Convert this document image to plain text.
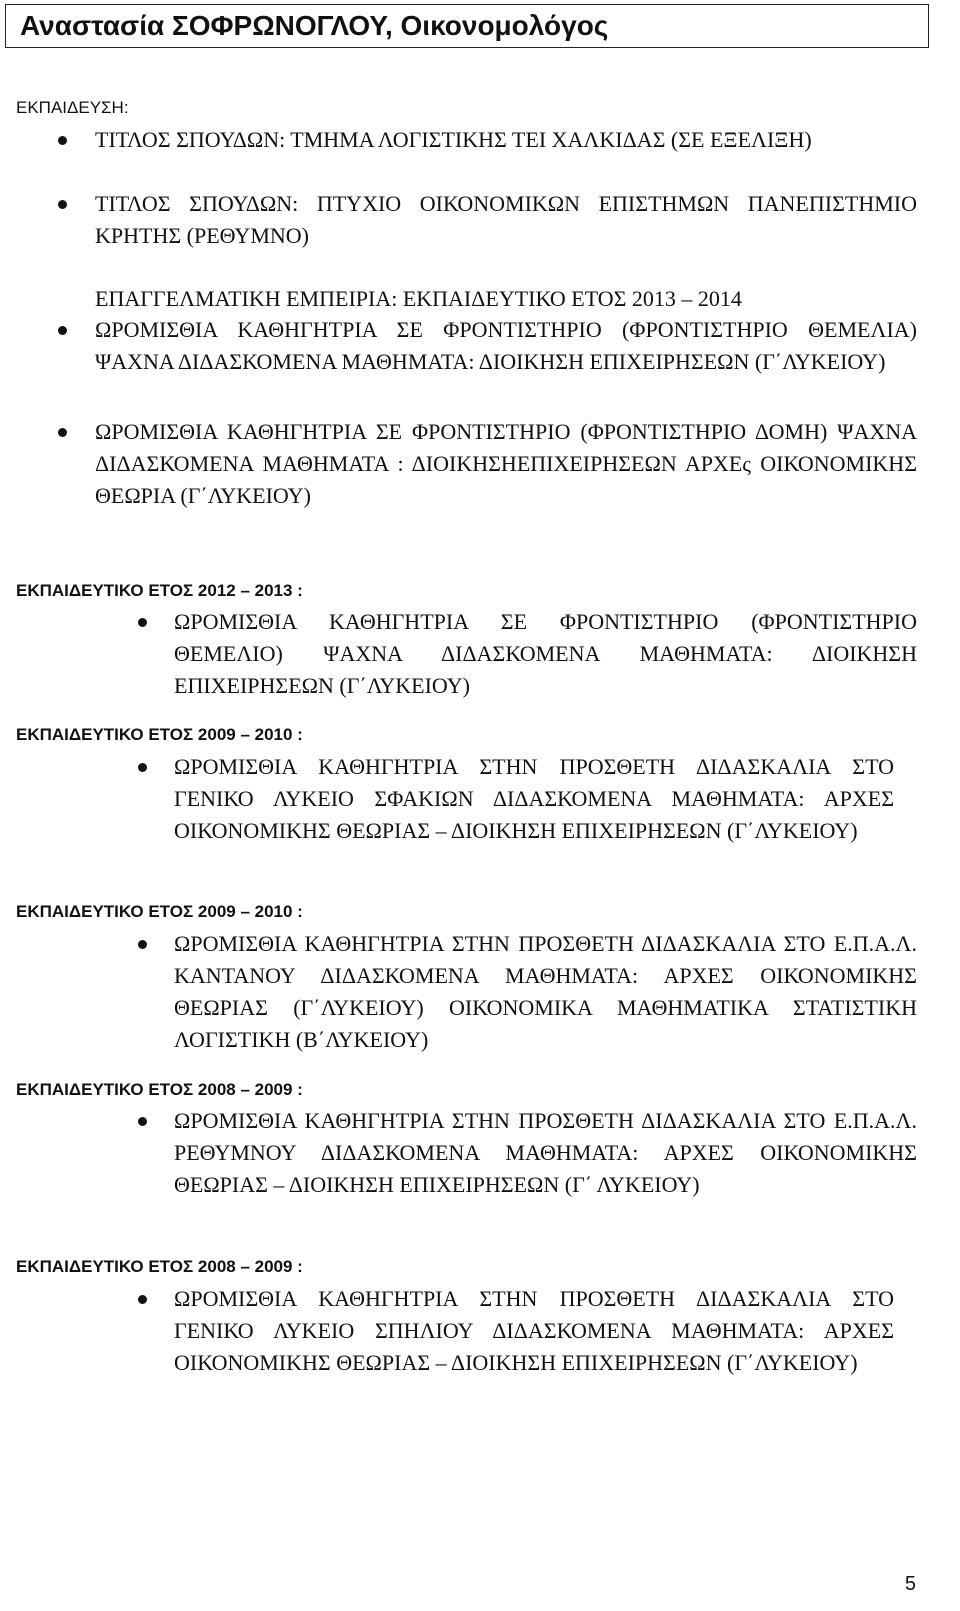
Αναστασία ΣΟΦΡΩΝΟΓΛΟΥ, Οικονομολόγος
ΕΚΠΑΙΔΕΥΣΗ:

ΤΙΤΛΟΣ ΣΠΟΥΔΩΝ: ΤΜΗΜΑ ΛΟΓΙΣΤΙΚΗΣ ΤΕΙ ΧΑΛΚΙΔΑΣ (ΣΕ ΕΞΕΛΙΞΗ)

ΤΙΤΛΟΣ ΣΠΟΥΔΩΝ: ΠΤΥΧΙΟ ΟΙΚΟΝΟΜΙΚΩΝ ΕΠΙΣΤΗΜΩΝ ΠΑΝΕΠΙΣΤΗΜΙΟ ΚΡΗΤΗΣ (ΡΕΘΥΜΝΟ)

ΕΠΑΓΓΕΛΜΑΤΙΚΗ ΕΜΠΕΙΡΙΑ: ΕΚΠΑΙΔΕΥΤΙΚΟ ΕΤΟΣ 2013 – 2014

ΩΡΟΜΙΣΘΙΑ ΚΑΘΗΓΗΤΡΙΑ ΣΕ ΦΡΟΝΤΙΣΤΗΡΙΟ (ΦΡΟΝΤΙΣΤΗΡΙΟ ΘΕΜΕΛΙΑ) ΨΑΧΝΑ ΔΙΔΑΣΚΟΜΕΝΑ ΜΑΘΗΜΑΤΑ: ΔΙΟΙΚΗΣΗ ΕΠΙΧΕΙΡΗΣΕΩΝ (Γ΄ΛΥΚΕΙΟΥ)

ΩΡΟΜΙΣΘΙΑ ΚΑΘΗΓΗΤΡΙΑ ΣΕ ΦΡΟΝΤΙΣΤΗΡΙΟ (ΦΡΟΝΤΙΣΤΗΡΙΟ ΔΟΜΗ) ΨΑΧΝΑ ΔΙΔΑΣΚΟΜΕΝΑ ΜΑΘΗΜΑΤΑ : ΔΙΟΙΚΗΣΗΕΠΙΧΕΙΡΗΣΕΩΝ ΑΡΧΕς ΟΙΚΟΝΟΜΙΚΗΣ ΘΕΩΡΙΑ (Γ΄ΛΥΚΕΙΟΥ)

ΕΚΠΑΙΔΕΥΤΙΚΟ ΕΤΟΣ 2012 – 2013 :

ΩΡΟΜΙΣΘΙΑ ΚΑΘΗΓΗΤΡΙΑ ΣΕ ΦΡΟΝΤΙΣΤΗΡΙΟ (ΦΡΟΝΤΙΣΤΗΡΙΟ ΘΕΜΕΛΙΟ) ΨΑΧΝΑ ΔΙΔΑΣΚΟΜΕΝΑ ΜΑΘΗΜΑΤΑ: ΔΙΟΙΚΗΣΗ ΕΠΙΧΕΙΡΗΣΕΩΝ (Γ΄ΛΥΚΕΙΟΥ)

ΕΚΠΑΙΔΕΥΤΙΚΟ ΕΤΟΣ 2009 – 2010 :

ΩΡΟΜΙΣΘΙΑ ΚΑΘΗΓΗΤΡΙΑ ΣΤΗΝ ΠΡΟΣΘΕΤΗ ΔΙΔΑΣΚΑΛΙΑ ΣΤΟ ΓΕΝΙΚΟ ΛΥΚΕΙΟ ΣΦΑΚΙΩΝ ΔΙΔΑΣΚΟΜΕΝΑ ΜΑΘΗΜΑΤΑ: ΑΡΧΕΣ ΟΙΚΟΝΟΜΙΚΗΣ ΘΕΩΡΙΑΣ – ΔΙΟΙΚΗΣΗ ΕΠΙΧΕΙΡΗΣΕΩΝ (Γ΄ΛΥΚΕΙΟΥ)

ΕΚΠΑΙΔΕΥΤΙΚΟ ΕΤΟΣ 2009 – 2010 :

ΩΡΟΜΙΣΘΙΑ ΚΑΘΗΓΗΤΡΙΑ ΣΤΗΝ ΠΡΟΣΘΕΤΗ ΔΙΔΑΣΚΑΛΙΑ ΣΤΟ Ε.Π.Α.Λ. ΚΑΝΤΑΝΟΥ ΔΙΔΑΣΚΟΜΕΝΑ ΜΑΘΗΜΑΤΑ: ΑΡΧΕΣ ΟΙΚΟΝΟΜΙΚΗΣ ΘΕΩΡΙΑΣ (Γ΄ΛΥΚΕΙΟΥ) ΟΙΚΟΝΟΜΙΚΑ ΜΑΘΗΜΑΤΙΚΑ ΣΤΑΤΙΣΤΙΚΗ ΛΟΓΙΣΤΙΚΗ (Β΄ΛΥΚΕΙΟΥ)

ΕΚΠΑΙΔΕΥΤΙΚΟ ΕΤΟΣ 2008 – 2009 :

ΩΡΟΜΙΣΘΙΑ ΚΑΘΗΓΗΤΡΙΑ ΣΤΗΝ ΠΡΟΣΘΕΤΗ ΔΙΔΑΣΚΑΛΙΑ ΣΤΟ Ε.Π.Α.Λ. ΡΕΘΥΜΝΟΥ ΔΙΔΑΣΚΟΜΕΝΑ ΜΑΘΗΜΑΤΑ: ΑΡΧΕΣ ΟΙΚΟΝΟΜΙΚΗΣ ΘΕΩΡΙΑΣ – ΔΙΟΙΚΗΣΗ ΕΠΙΧΕΙΡΗΣΕΩΝ (Γ΄ ΛΥΚΕΙΟΥ)

ΕΚΠΑΙΔΕΥΤΙΚΟ ΕΤΟΣ 2008 – 2009 :

ΩΡΟΜΙΣΘΙΑ ΚΑΘΗΓΗΤΡΙΑ ΣΤΗΝ ΠΡΟΣΘΕΤΗ ΔΙΔΑΣΚΑΛΙΑ ΣΤΟ ΓΕΝΙΚΟ ΛΥΚΕΙΟ ΣΠΗΛΙΟΥ ΔΙΔΑΣΚΟΜΕΝΑ ΜΑΘΗΜΑΤΑ: ΑΡΧΕΣ ΟΙΚΟΝΟΜΙΚΗΣ ΘΕΩΡΙΑΣ – ΔΙΟΙΚΗΣΗ ΕΠΙΧΕΙΡΗΣΕΩΝ (Γ΄ΛΥΚΕΙΟΥ)

5
